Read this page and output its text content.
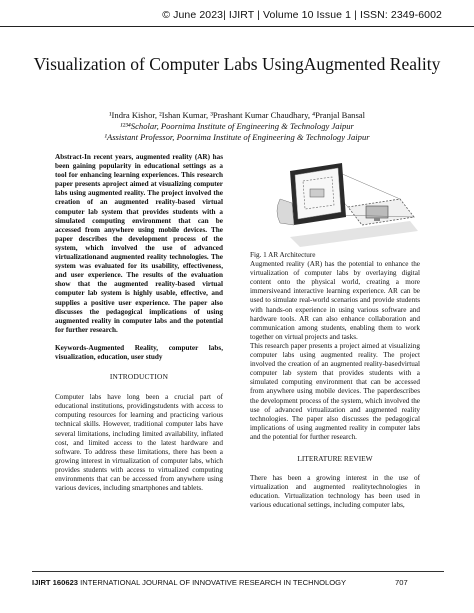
© June 2023| IJIRT | Volume 10 Issue 1 | ISSN: 2349-6002
Visualization of Computer Labs UsingAugmented Reality
¹Indra Kishor, ²Ishan Kumar, ³Prashant Kumar Chaudhary, ⁴Pranjal Bansal
¹²³⁴Scholar, Poornima Institute of Engineering & Technology Jaipur
¹Assistant Professor, Poornima Institute of Engineering & Technology Jaipur

Abstract-In recent years, augmented reality (AR) has been gaining popularity in educational settings as a tool for enhancing learning experiences. This research paper presents aproject aimed at visualizing computer labs using augmented reality. The project involved the creation of an augmented reality-based virtual computer lab system that provides students with a simulated computing environment that can be accessed from anywhere using mobile devices. The paper describes the development process of the system, which involved the use of advanced virtualizationand augmented reality technologies. The system was evaluated for its usability, effectiveness, and user experience. The results of the evaluation show that the augmented reality-based virtual computer lab system is highly usable, effective, and supplies a positive user experience. The paper also discusses the pedagogical implications of using augmented reality in computer labs and the potential for further research.

Keywords-Augmented Reality, computer labs, visualization, education, user study

INTRODUCTION

Computer labs have long been a crucial part of educational institutions, providingstudents with access to computing resources for learning and practicing various technical skills. However, traditional computer labs have several limitations, including limited availability, inflated cost, and limited access to the latest hardware and software. To address these limitations, there has been a growing interest in virtualization of computer labs, which provides students with access to virtualized computing environments that can be accessed from anywhere using various devices, including smartphones and tablets.

Fig. 1 AR Architecture

Augmented reality (AR) has the potential to enhance the virtualization of computer labs by overlaying digital content onto the physical world, creating a more immersiveand interactive learning experience. AR can be used to simulate real-world scenarios and provide students with hands-on experience in using various software and hardware tools. AR can also enhance collaboration and communication among students, enabling them to work together on virtual projects and tasks.

This research paper presents a project aimed at visualizing computer labs using augmented reality. The project involved the creation of an augmented reality-basedvirtual computer lab system that provides students with a simulated computing environment that can be accessed from anywhere using mobile devices. The paperdescribes the development process of the system, which involved the use of advanced virtualization and augmented reality technologies. The paper also discusses the pedagogical implications of using augmented reality in computer labs and the potential for further research.

LITERATURE REVIEW

There has been a growing interest in the use of virtualization and augmented realitytechnologies in education. Virtualization technology has been used in various educational settings, including computer labs,

IJIRT 160623 INTERNATIONAL JOURNAL OF INNOVATIVE RESEARCH IN TECHNOLOGY	707
